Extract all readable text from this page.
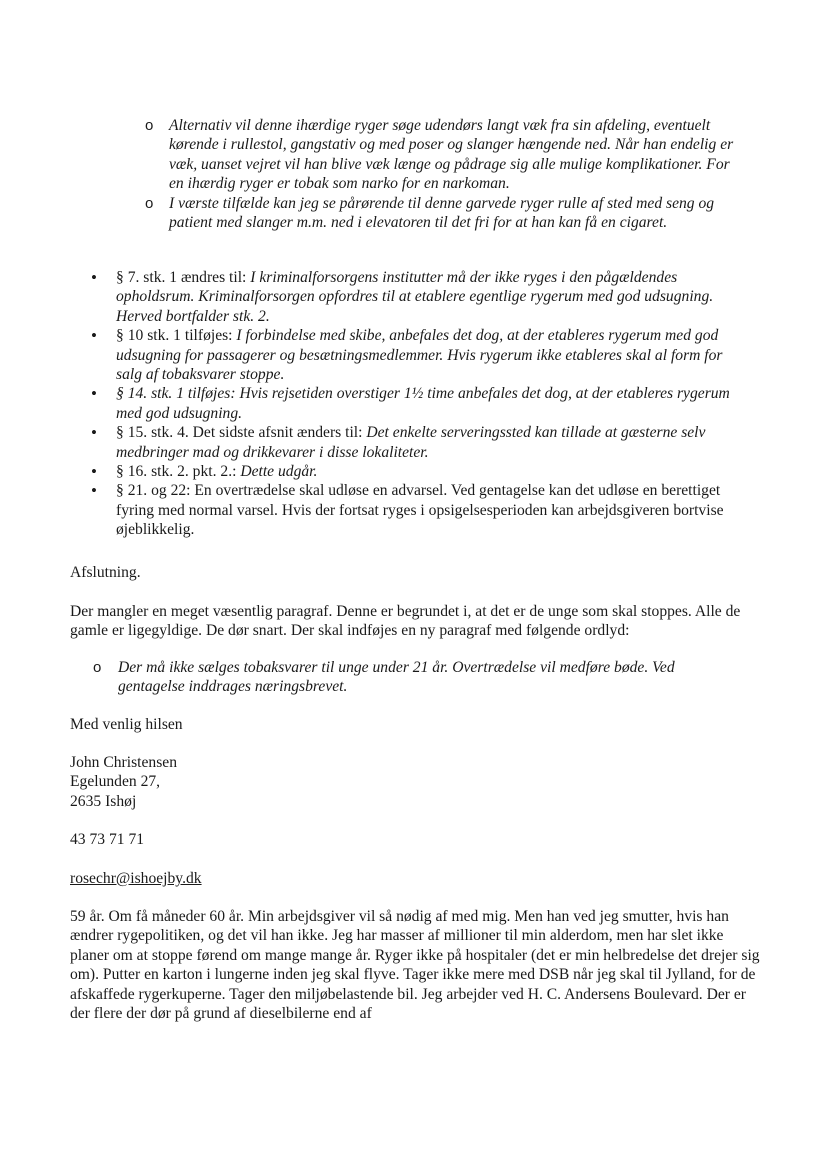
o Alternativ vil denne ihærdige ryger søge udendørs langt væk fra sin afdeling, eventuelt kørende i rullestol, gangstativ og med poser og slanger hængende ned. Når han endelig er væk, uanset vejret vil han blive væk længe og pådrage sig alle mulige komplikationer. For en ihærdig ryger er tobak som narko for en narkoman.

o I værste tilfælde kan jeg se pårørende til denne garvede ryger rulle af sted med seng og patient med slanger m.m. ned i elevatoren til det fri for at han kan få en cigaret.

• § 7. stk. 1 ændres til: I kriminalforsorgens institutter må der ikke ryges i den pågældendes opholdsrum. Kriminalforsorgen opfordres til at etablere egentlige rygerum med god udsugning. Herved bortfalder stk. 2.

• § 10 stk. 1 tilføjes: I forbindelse med skibe, anbefales det dog, at der etableres rygerum med god udsugning for passagerer og besætningsmedlemmer. Hvis rygerum ikke etableres skal al form for salg af tobaksvarer stoppe.

• § 14. stk. 1 tilføjes: Hvis rejsetiden overstiger 1½ time anbefales det dog, at der etableres rygerum med god udsugning.

• § 15. stk. 4. Det sidste afsnit ænders til: Det enkelte serveringssted kan tillade at gæsterne selv medbringer mad og drikkevarer i disse lokaliteter.

• § 16. stk. 2. pkt. 2.: Dette udgår.

• § 21. og 22: En overtrædelse skal udløse en advarsel. Ved gentagelse kan det udløse en berettiget fyring med normal varsel. Hvis der fortsat ryges i opsigelsesperioden kan arbejdsgiveren bortvise øjeblikkelig.

Afslutning.

Der mangler en meget væsentlig paragraf. Denne er begrundet i, at det er de unge som skal stoppes. Alle de gamle er ligegyldige. De dør snart. Der skal indføjes en ny paragraf med følgende ordlyd:

o Der må ikke sælges tobaksvarer til unge under 21 år. Overtrædelse vil medføre bøde. Ved gentagelse inddrages næringsbrevet.

Med venlig hilsen

John Christensen

Egelunden 27,

2635 Ishøj

43 73 71 71

rosechr@ishoejby.dk

59 år. Om få måneder 60 år. Min arbejdsgiver vil så nødig af med mig. Men han ved jeg smutter, hvis han ændrer rygepolitiken, og det vil han ikke. Jeg har masser af millioner til min alderdom, men har slet ikke planer om at stoppe førend om mange mange år. Ryger ikke på hospitaler (det er min helbredelse det drejer sig om). Putter en karton i lungerne inden jeg skal flyve. Tager ikke mere med DSB når jeg skal til Jylland, for de afskaffede rygerkuperne. Tager den miljøbelastende bil. Jeg arbejder ved H. C. Andersens Boulevard. Der er der flere der dør på grund af dieselbilerne end af
